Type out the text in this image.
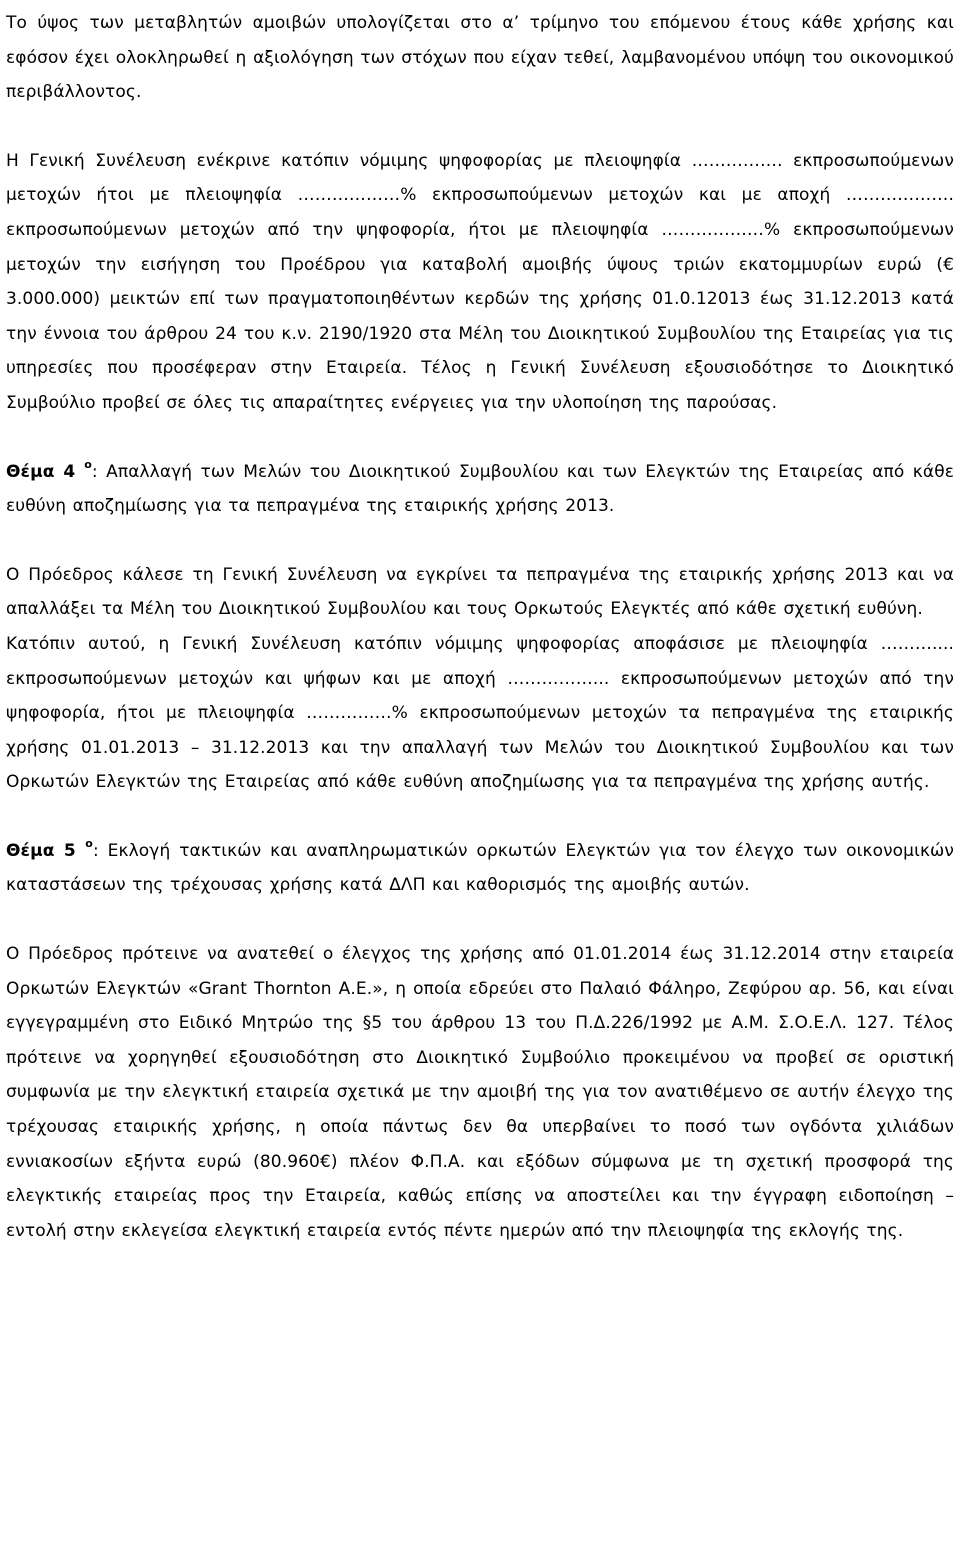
Το ύψος των μεταβλητών αμοιβών υπολογίζεται στο α’ τρίμηνο του επόμενου έτους κάθε χρήσης και εφόσον έχει ολοκληρωθεί η αξιολόγηση των στόχων που είχαν τεθεί, λαμβανομένου υπόψη του οικονομικού περιβάλλοντος.

Η Γενική Συνέλευση ενέκρινε κατόπιν νόμιμης ψηφοφορίας με πλειοψηφία ……………. εκπροσωπούμενων μετοχών ήτοι με πλειοψηφία ………………% εκπροσωπούμενων μετοχών και με αποχή ………………. εκπροσωπούμενων μετοχών από την ψηφοφορία, ήτοι με πλειοψηφία ………………% εκπροσωπούμενων μετοχών την εισήγηση του Προέδρου για καταβολή αμοιβής ύψους τριών εκατομμυρίων ευρώ (€ 3.000.000) μεικτών επί των πραγματοποιηθέντων κερδών της χρήσης 01.0.12013 έως 31.12.2013 κατά την έννοια του άρθρου 24 του κ.ν. 2190/1920 στα Μέλη του Διοικητικού Συμβουλίου της Εταιρείας για τις υπηρεσίες που προσέφεραν στην Εταιρεία. Τέλος η Γενική Συνέλευση εξουσιοδότησε το Διοικητικό Συμβούλιο προβεί σε όλες τις απαραίτητες ενέργειες για την υλοποίηση της παρούσας.

Θέμα 4 $^o$: Απαλλαγή των Μελών του Διοικητικού Συμβουλίου και των Ελεγκτών της Εταιρείας από κάθε ευθύνη αποζημίωσης για τα πεπραγμένα της εταιρικής χρήσης 2013.

Ο Πρόεδρος κάλεσε τη Γενική Συνέλευση να εγκρίνει τα πεπραγμένα της εταιρικής χρήσης 2013 και να απαλλάξει τα Μέλη του Διοικητικού Συμβουλίου και τους Ορκωτούς Ελεγκτές από κάθε σχετική ευθύνη.

Κατόπιν αυτού, η Γενική Συνέλευση κατόπιν νόμιμης ψηφοφορίας αποφάσισε με πλειοψηφία ……….... εκπροσωπούμενων μετοχών και ψήφων και με αποχή ……………... εκπροσωπούμενων μετοχών από την ψηφοφορία, ήτοι με πλειοψηφία ……………% εκπροσωπούμενων μετοχών τα πεπραγμένα της εταιρικής χρήσης 01.01.2013 – 31.12.2013 και την απαλλαγή των Μελών του Διοικητικού Συμβουλίου και των Ορκωτών Ελεγκτών της Εταιρείας από κάθε ευθύνη αποζημίωσης για τα πεπραγμένα της χρήσης αυτής.

Θέμα 5 $^o$: Εκλογή τακτικών και αναπληρωματικών ορκωτών Ελεγκτών για τον έλεγχο των οικονομικών καταστάσεων της τρέχουσας χρήσης κατά ΔΛΠ και καθορισμός της αμοιβής αυτών.

Ο Πρόεδρος πρότεινε να ανατεθεί ο έλεγχος της χρήσης από 01.01.2014 έως 31.12.2014 στην εταιρεία Ορκωτών Ελεγκτών «Grant Thornton Α.Ε.», η οποία εδρεύει στο Παλαιό Φάληρο, Ζεφύρου αρ. 56, και είναι εγγεγραμμένη στο Ειδικό Μητρώο της §5 του άρθρου 13 του Π.Δ.226/1992 με Α.Μ. Σ.Ο.Ε.Λ. 127. Τέλος πρότεινε να χορηγηθεί εξουσιοδότηση στο Διοικητικό Συμβούλιο προκειμένου να προβεί σε οριστική συμφωνία με την ελεγκτική εταιρεία σχετικά με την αμοιβή της για τον ανατιθέμενο σε αυτήν έλεγχο της τρέχουσας εταιρικής χρήσης, η οποία πάντως δεν θα υπερβαίνει το ποσό των ογδόντα χιλιάδων εννιακοσίων εξήντα ευρώ (80.960€) πλέον Φ.Π.Α. και εξόδων σύμφωνα με τη σχετική προσφορά της ελεγκτικής εταιρείας προς την Εταιρεία, καθώς επίσης να αποστείλει και την έγγραφη ειδοποίηση – εντολή στην εκλεγείσα ελεγκτική εταιρεία εντός πέντε ημερών από την πλειοψηφία της εκλογής της.
